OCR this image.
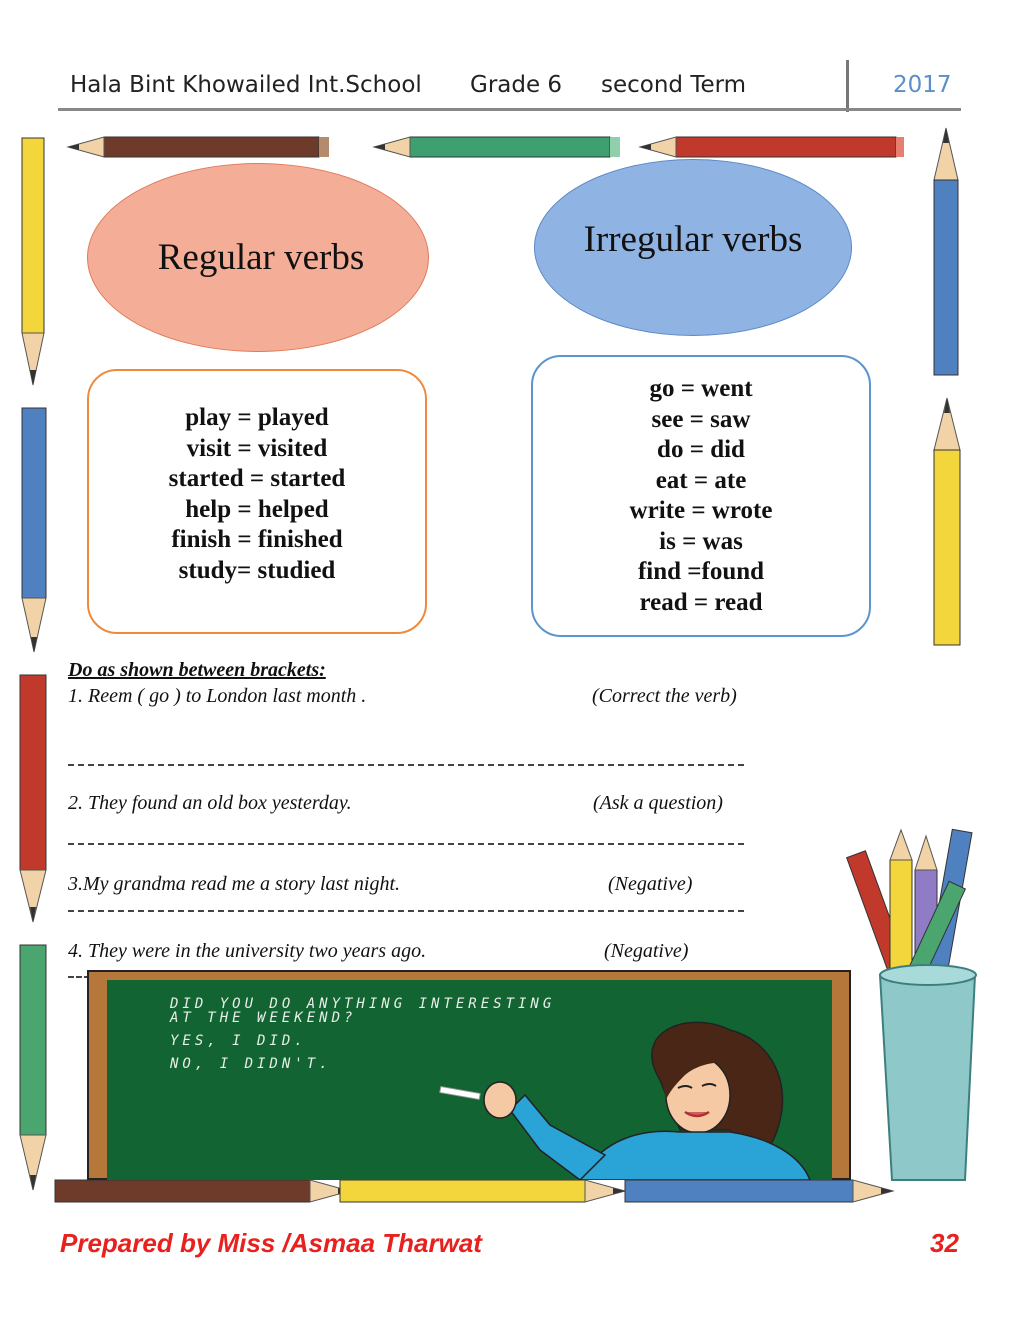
Hala Bint Khowailed Int.School Grade 6 second Term	2017
Regular verbs	Irregular verbs
play = played
visit = visited
started = started
help = helped
finish = finished
study= studied
go = went
see = saw
do = did
eat = ate
write = wrote
is = was
find =found
read = read
Do as shown between brackets:
1. Reem ( go ) to London last month .	(Correct the verb)
2. They found an old box yesterday.	(Ask a question)
3.My grandma read me a story last night.	(Negative)
4. They were in the university two years ago.	(Negative)
DID YOU DO ANYTHING INTERESTING
AT THE WEEKEND?
YES, I DID.
NO, I DIDN'T.
Prepared by Miss /Asmaa Tharwat	32
